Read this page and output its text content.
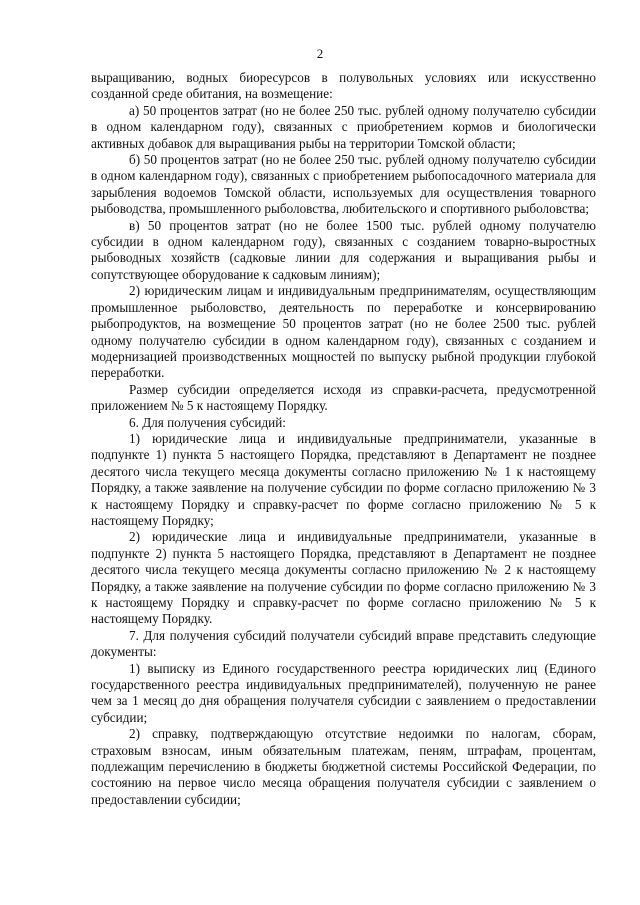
2

выращиванию, водных биоресурсов в полувольных условиях или искусственно созданной среде обитания, на возмещение:

а) 50 процентов затрат (но не более 250 тыс. рублей одному получателю субсидии в одном календарном году), связанных с приобретением кормов и биологически активных добавок для выращивания рыбы на территории Томской области;

б) 50 процентов затрат (но не более 250 тыс. рублей одному получателю субсидии в одном календарном году), связанных с приобретением рыбопосадочного материала для зарыбления водоемов Томской области, используемых для осуществления товарного рыбоводства, промышленного рыболовства, любительского и спортивного рыболовства;

в) 50 процентов затрат (но не более 1500 тыс. рублей одному получателю субсидии в одном календарном году), связанных с созданием товарно-выростных рыбоводных хозяйств (садковые линии для содержания и выращивания рыбы и сопутствующее оборудование к садковым линиям);

2) юридическим лицам и индивидуальным предпринимателям, осуществляющим промышленное рыболовство, деятельность по переработке и консервированию рыбопродуктов, на возмещение 50 процентов затрат (но не более 2500 тыс. рублей одному получателю субсидии в одном календарном году), связанных с созданием и модернизацией производственных мощностей по выпуску рыбной продукции глубокой переработки.

Размер субсидии определяется исходя из справки-расчета, предусмотренной приложением № 5 к настоящему Порядку.

6. Для получения субсидий:

1) юридические лица и индивидуальные предприниматели, указанные в подпункте 1) пункта 5 настоящего Порядка, представляют в Департамент не позднее десятого числа текущего месяца документы согласно приложению № 1 к настоящему Порядку, а также заявление на получение субсидии по форме согласно приложению № 3 к настоящему Порядку и справку-расчет по форме согласно приложению № 5 к настоящему Порядку;

2) юридические лица и индивидуальные предприниматели, указанные в подпункте 2) пункта 5 настоящего Порядка, представляют в Департамент не позднее десятого числа текущего месяца документы согласно приложению № 2 к настоящему Порядку, а также заявление на получение субсидии по форме согласно приложению № 3 к настоящему Порядку и справку-расчет по форме согласно приложению № 5 к настоящему Порядку.

7. Для получения субсидий получатели субсидий вправе представить следующие документы:

1) выписку из Единого государственного реестра юридических лиц (Единого государственного реестра индивидуальных предпринимателей), полученную не ранее чем за 1 месяц до дня обращения получателя субсидии с заявлением о предоставлении субсидии;

2) справку, подтверждающую отсутствие недоимки по налогам, сборам, страховым взносам, иным обязательным платежам, пеням, штрафам, процентам, подлежащим перечислению в бюджеты бюджетной системы Российской Федерации, по состоянию на первое число месяца обращения получателя субсидии с заявлением о предоставлении субсидии;
